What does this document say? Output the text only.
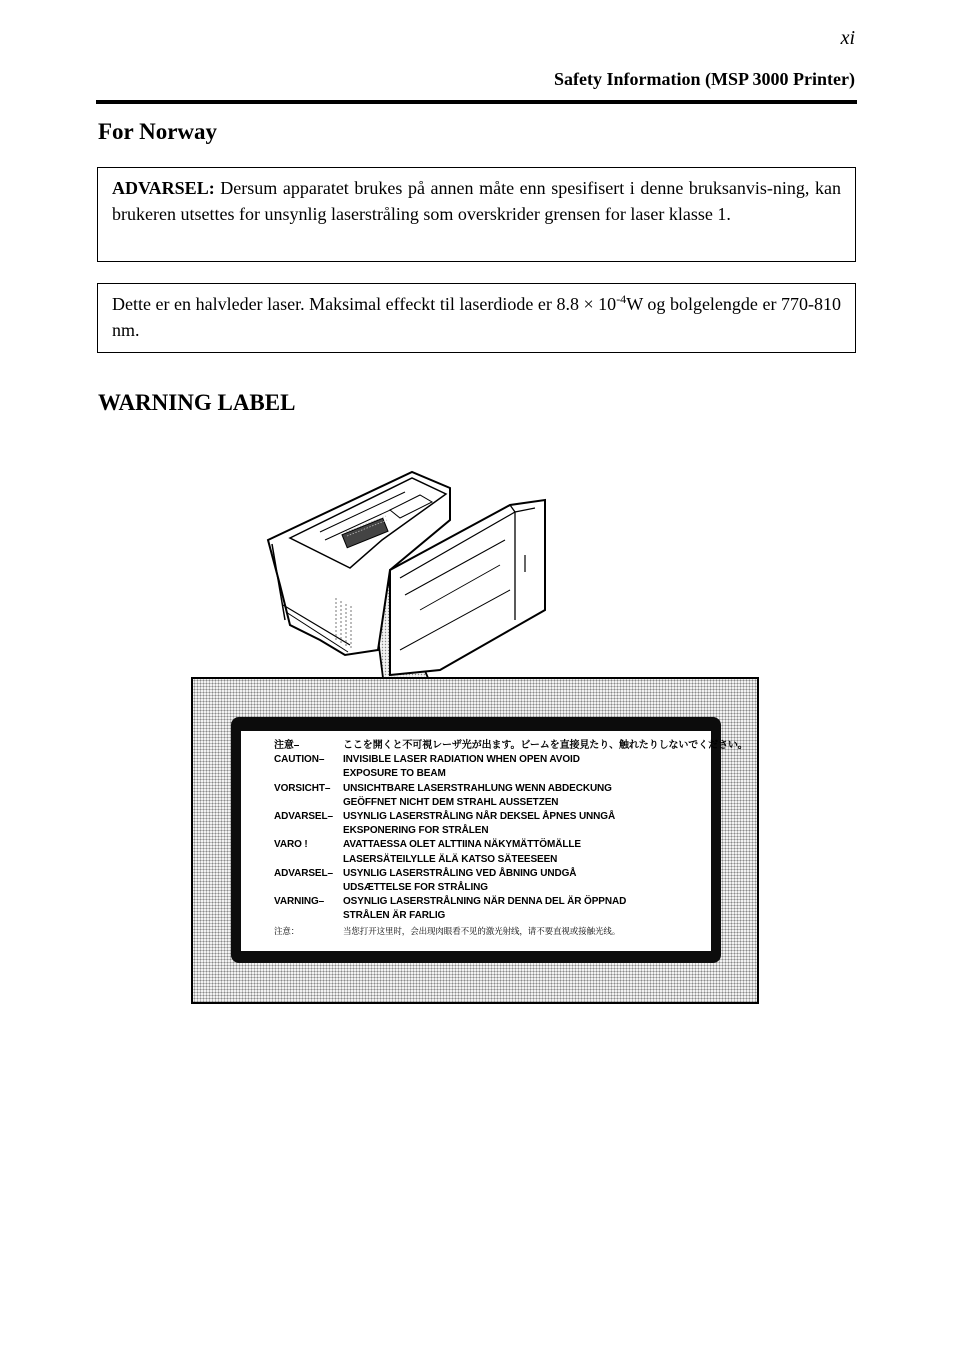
xi
Safety Information (MSP 3000 Printer)
For Norway
ADVARSEL: Dersum apparatet brukes på annen måte enn spesifisert i denne bruksanvis-ning, kan brukeren utsettes for unsynlig laserstråling som overskrider grensen for laser klasse 1.
Dette er en halvleder laser. Maksimal effeckt til laserdiode er $8.8 \times 10^{-4}W$ og bolgelengde er 770-810 nm.
WARNING LABEL
注意–	ここを開くと不可視レーザ光が出ます。ビームを直接見たり、触れたりしないでください。
CAUTION–	INVISIBLE LASER RADIATION WHEN OPEN AVOID
EXPOSURE TO BEAM
VORSICHT–	UNSICHTBARE LASERSTRAHLUNG WENN ABDECKUNG
GEÖFFNET NICHT DEM STRAHL AUSSETZEN
ADVARSEL–	USYNLIG LASERSTRÅLING NÅR DEKSEL ÅPNES UNNGÅ
EKSPONERING FOR STRÅLEN
VARO !	AVATTAESSA OLET ALTTIINA NÄKYMÄTTÖMÄLLE
LASERSÄTEILYLLE ÄLÄ KATSO SÄTEESEEN
ADVARSEL–	USYNLIG LASERSTRÅLING VED ÅBNING UNDGÅ
UDSÆTTELSE FOR STRÅLING
VARNING–	OSYNLIG LASERSTRÅLNING NÄR DENNA DEL ÄR ÖPPNAD
STRÅLEN ÄR FARLIG
注意：	当您打开这里时，会出现肉眼看不见的激光射线，请不要直视或接触光线。
